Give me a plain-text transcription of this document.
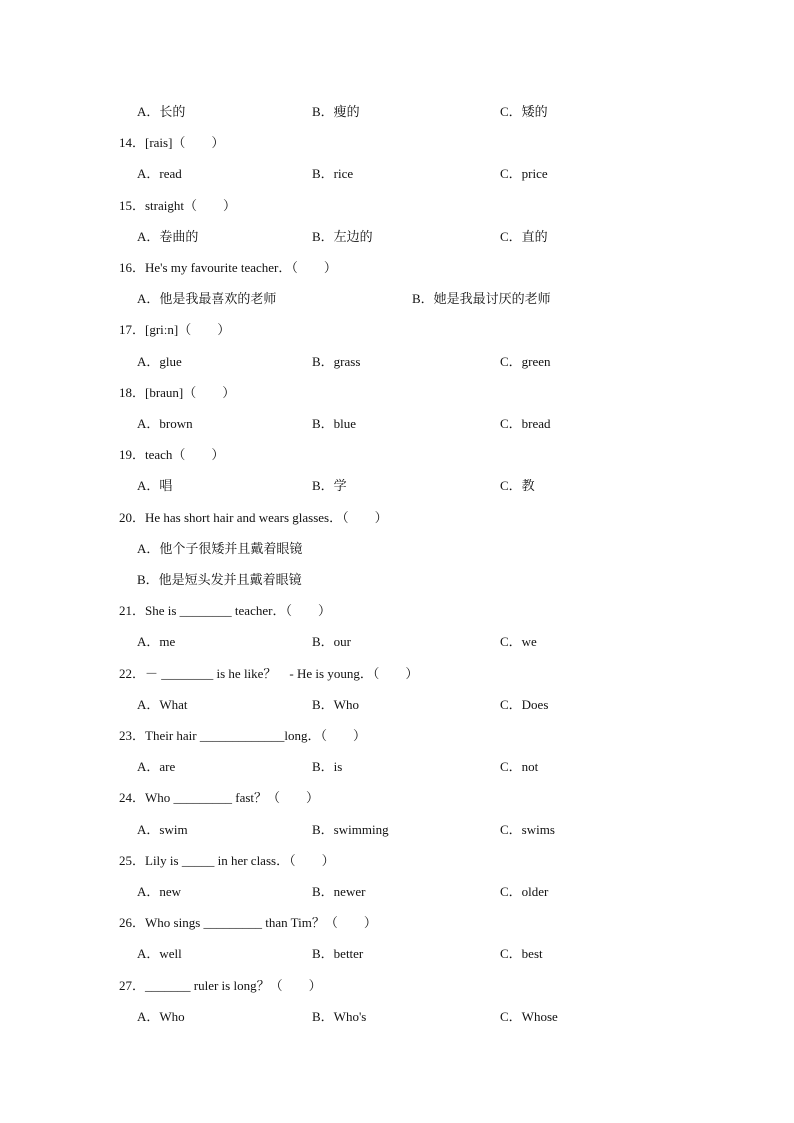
A．长的	B．瘦的	C．矮的
14．[rais]（　　）
A．read	B．rice	C．price
15．straight（　　）
A．卷曲的	B．左边的	C．直的
16．He's my favourite teacher．（　　）
A．他是我最喜欢的老师	B．她是我最讨厌的老师
17．[griːn]（　　）
A．glue	B．grass	C．green
18．[braun]（　　）
A．brown	B．blue	C．bread
19．teach（　　）
A．唱	B．学	C．教
20．He has short hair and wears glasses．（　　）
A．他个子很矮并且戴着眼镜
B．他是短头发并且戴着眼镜
21．She is ________ teacher．（　　）
A．me	B．our	C．we
22．－ ________ is he like？　- He is young．（　　）
A．What	B．Who	C．Does
23．Their hair _____________long．（　　）
A．are	B．is	C．not
24．Who _________ fast？（　　）
A．swim	B．swimming	C．swims
25．Lily is _____ in her class．（　　）
A．new	B．newer	C．older
26．Who sings _________ than Tim？（　　）
A．well	B．better	C．best
27．_______ ruler is long？（　　）
A．Who	B．Who's	C．Whose
